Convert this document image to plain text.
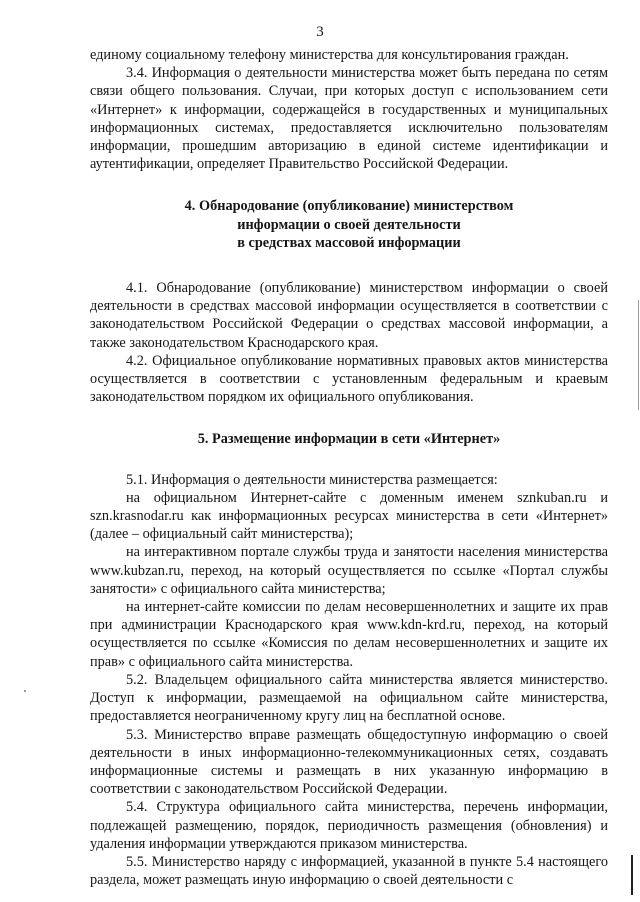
3

единому социальному телефону министерства для консультирования граждан.

3.4. Информация о деятельности министерства может быть передана по сетям связи общего пользования. Случаи, при которых доступ с использованием сети «Интернет» к информации, содержащейся в государственных и муниципальных информационных системах, предоставляется исключительно пользователям информации, прошедшим авторизацию в единой системе идентификации и аутентификации, определяет Правительство Российской Федерации.

4. Обнародование (опубликование) министерством
информации о своей деятельности
в средствах массовой информации

4.1. Обнародование (опубликование) министерством информации о своей деятельности в средствах массовой информации осуществляется в соответствии с законодательством Российской Федерации о средствах массовой информации, а также законодательством Краснодарского края.

4.2. Официальное опубликование нормативных правовых актов министерства осуществляется в соответствии с установленным федеральным и краевым законодательством порядком их официального опубликования.

5. Размещение информации в сети «Интернет»

5.1. Информация о деятельности министерства размещается:

на официальном Интернет-сайте с доменным именем sznkuban.ru и szn.krasnodar.ru как информационных ресурсах министерства в сети «Интернет» (далее – официальный сайт министерства);

на интерактивном портале службы труда и занятости населения министерства www.kubzan.ru, переход, на который осуществляется по ссылке «Портал службы занятости» с официального сайта министерства;

на интернет-сайте комиссии по делам несовершеннолетних и защите их прав при администрации Краснодарского края www.kdn-krd.ru, переход, на который осуществляется по ссылке «Комиссия по делам несовершеннолетних и защите их прав» с официального сайта министерства.

5.2. Владельцем официального сайта министерства является министерство. Доступ к информации, размещаемой на официальном сайте министерства, предоставляется неограниченному кругу лиц на бесплатной основе.

5.3. Министерство вправе размещать общедоступную информацию о своей деятельности в иных информационно-телекоммуникационных сетях, создавать информационные системы и размещать в них указанную информацию в соответствии с законодательством Российской Федерации.

5.4. Структура официального сайта министерства, перечень информации, подлежащей размещению, порядок, периодичность размещения (обновления) и удаления информации утверждаются приказом министерства.

5.5. Министерство наряду с информацией, указанной в пункте 5.4 настоящего раздела, может размещать иную информацию о своей деятельности с
